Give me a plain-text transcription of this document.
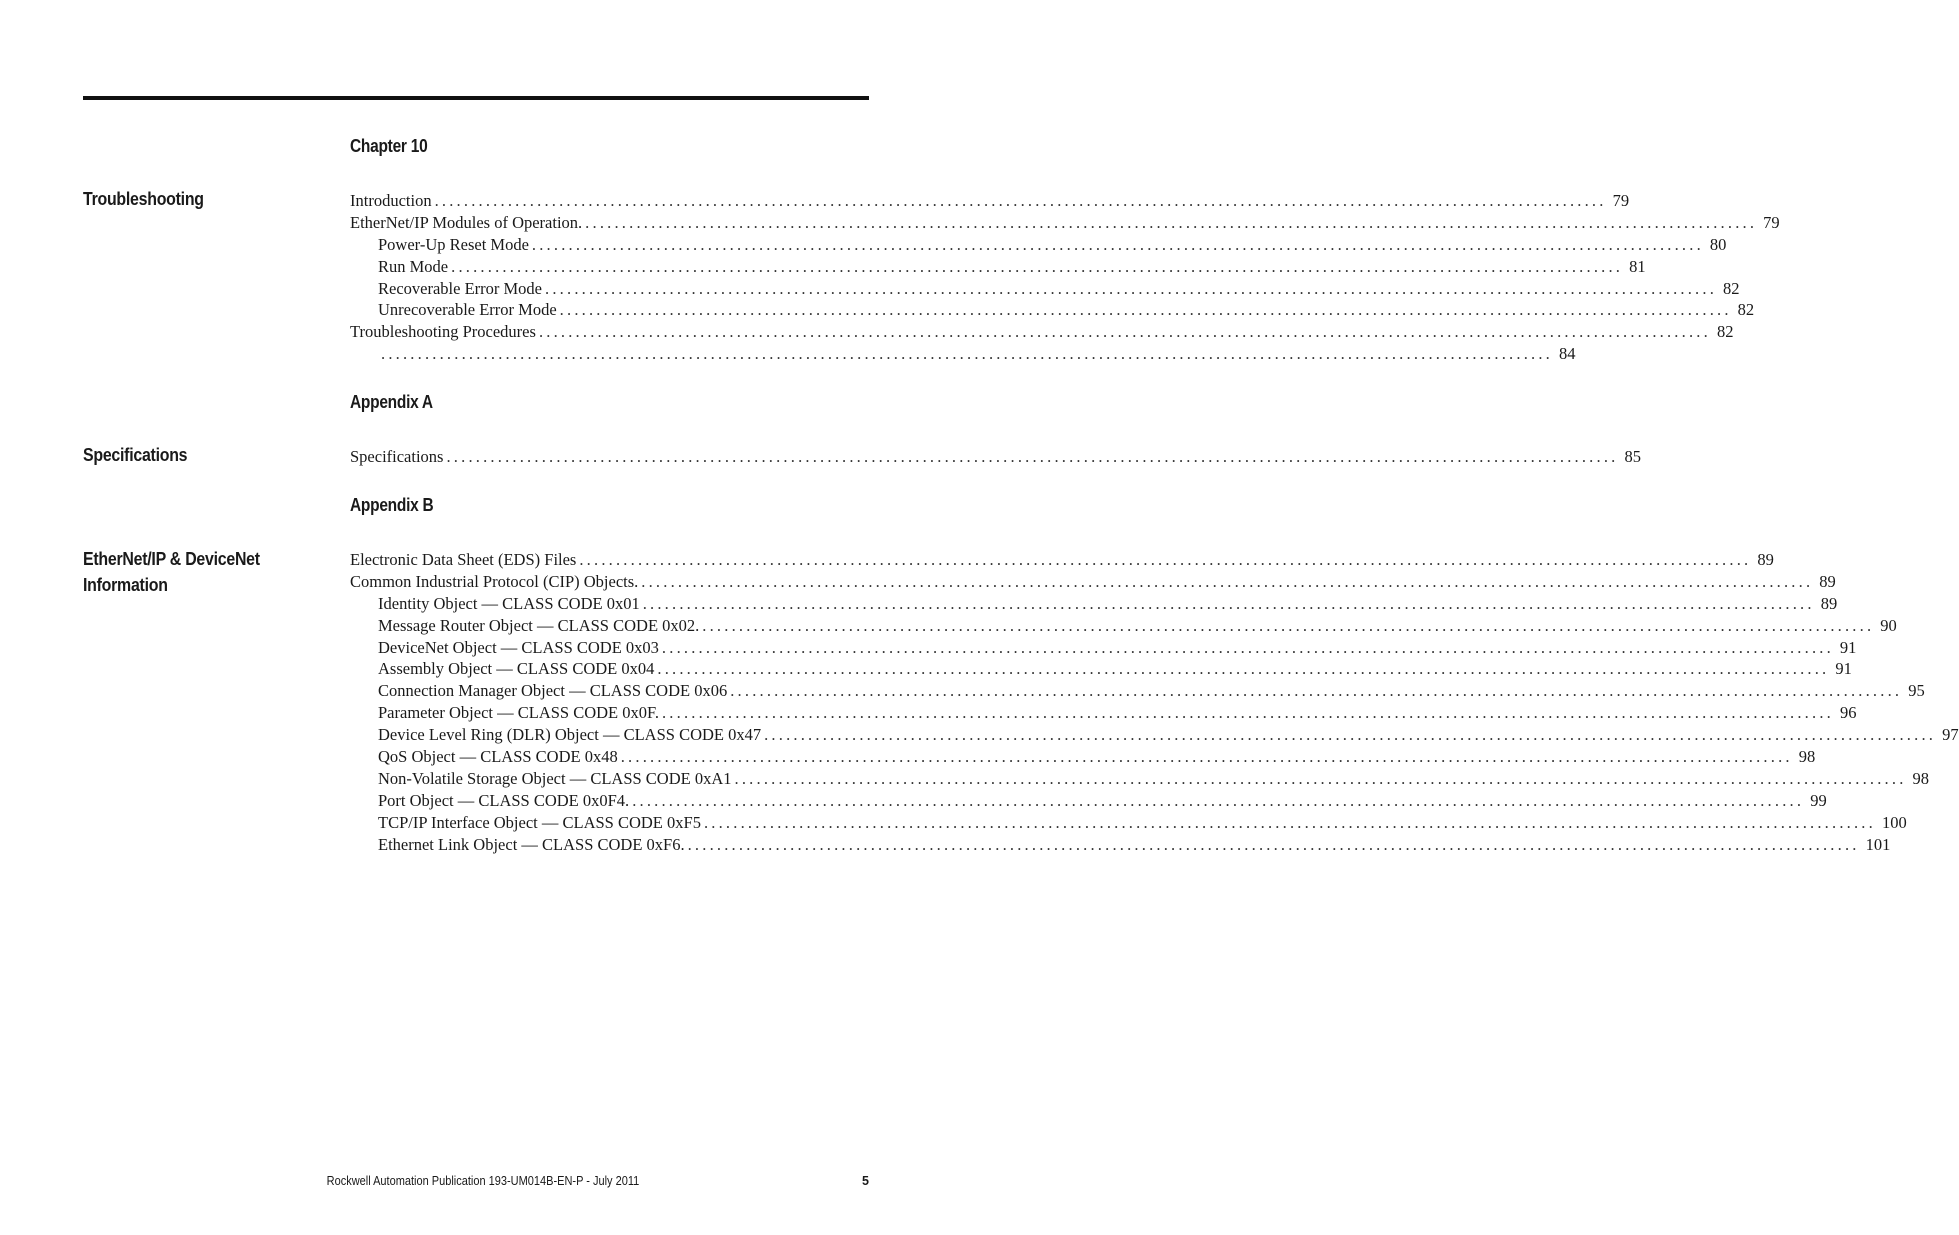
Chapter 10
Troubleshooting	Introduction ................................................................................................................................................................ 79
EtherNet/IP Modules of Operation. ................................................................................................................................................................ 79
Power-Up Reset Mode ................................................................................................................................................................ 80
Run Mode ................................................................................................................................................................ 81
Recoverable Error Mode ................................................................................................................................................................ 82
Unrecoverable Error Mode ................................................................................................................................................................ 82
Troubleshooting Procedures ................................................................................................................................................................ 82
................................................................................................................................................................ 84
Appendix A
Specifications	Specifications ................................................................................................................................................................ 85
Appendix B
EtherNet/IP & DeviceNet
Information
Electronic Data Sheet (EDS) Files ................................................................................................................................................................ 89
Common Industrial Protocol (CIP) Objects. ................................................................................................................................................................ 89
Identity Object — CLASS CODE 0x01 ................................................................................................................................................................ 89
Message Router Object — CLASS CODE 0x02. ................................................................................................................................................................ 90
DeviceNet Object — CLASS CODE 0x03 ................................................................................................................................................................ 91
Assembly Object — CLASS CODE 0x04 ................................................................................................................................................................ 91
Connection Manager Object — CLASS CODE 0x06 ................................................................................................................................................................ 95
Parameter Object — CLASS CODE 0x0F. ................................................................................................................................................................ 96
Device Level Ring (DLR) Object — CLASS CODE 0x47 ................................................................................................................................................................ 97
QoS Object — CLASS CODE 0x48 ................................................................................................................................................................ 98
Non-Volatile Storage Object — CLASS CODE 0xA1 ................................................................................................................................................................ 98
Port Object — CLASS CODE 0x0F4. ................................................................................................................................................................ 99
TCP/IP Interface Object — CLASS CODE 0xF5 ................................................................................................................................................................ 100
Ethernet Link Object — CLASS CODE 0xF6. ................................................................................................................................................................ 101
Rockwell Automation Publication 193-UM014B-EN-P - July 2011	5
